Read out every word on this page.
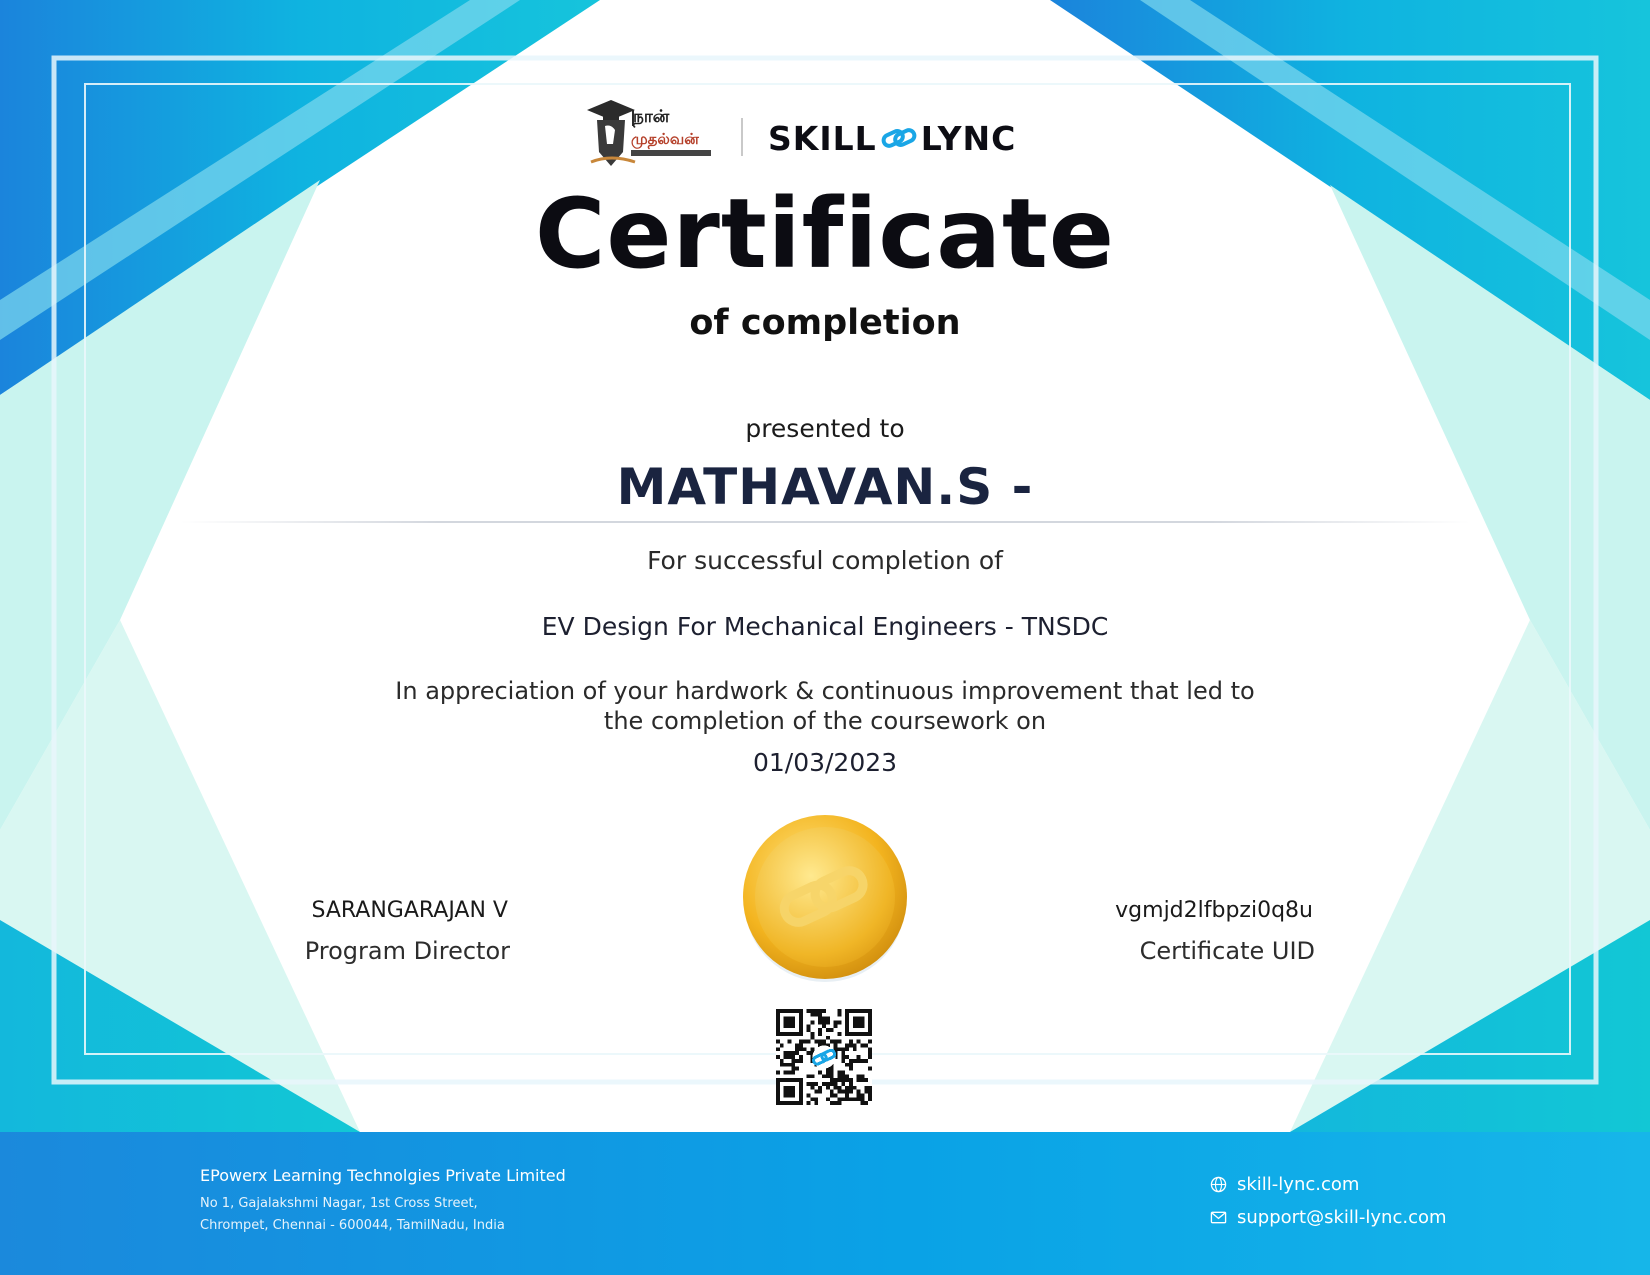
நான்
முதல்வன் SKILL LYNC
Certificate
of completion
presented to
MATHAVAN.S -
For successful completion of
EV Design For Mechanical Engineers - TNSDC
In appreciation of your hardwork & continuous improvement that led to
the completion of the coursework on
01/03/2023
SARANGARAJAN V
Program Director
vgmjd2lfbpzi0q8u
Certificate UID
EPowerx Learning Technolgies Private Limited
No 1, Gajalakshmi Nagar, 1st Cross Street,
Chrompet, Chennai - 600044, TamilNadu, India
skill-lync.com
support@skill-lync.com
